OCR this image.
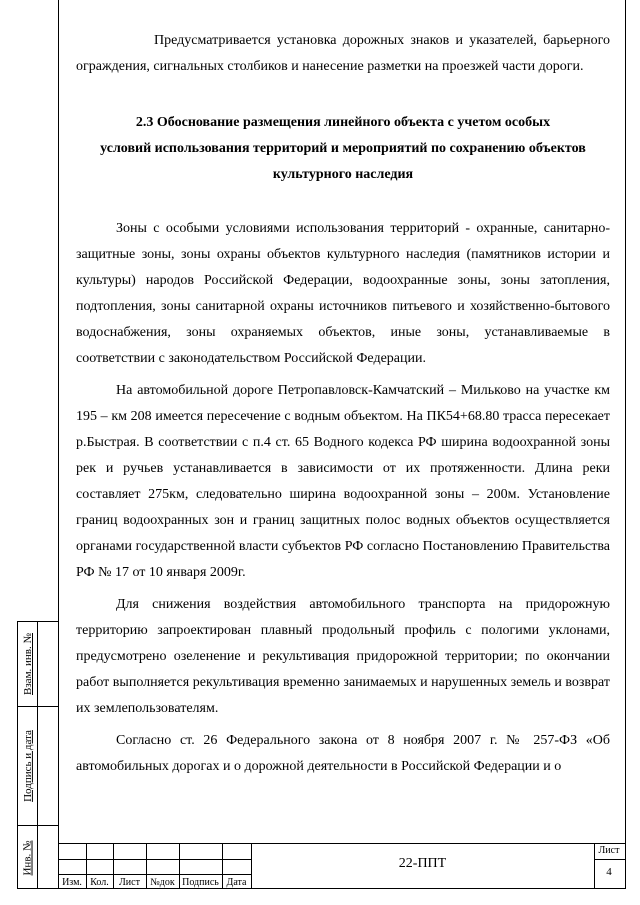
Предусматривается установка дорожных знаков и указателей, барьерного ограждения, сигнальных столбиков и нанесение разметки на проезжей части дороги.

2.3 Обоснование размещения линейного объекта с учетом особых
условий использования территорий и мероприятий по сохранению объектов
культурного наследия

Зоны с особыми условиями использования территорий - охранные, санитарно-защитные зоны, зоны охраны объектов культурного наследия (памятников истории и культуры) народов Российской Федерации, водоохранные зоны, зоны затопления, подтопления, зоны санитарной охраны источников питьевого и хозяйственно-бытового водоснабжения, зоны охраняемых объектов, иные зоны, устанавливаемые в соответствии с законодательством Российской Федерации.

На автомобильной дороге Петропавловск-Камчатский – Мильково на участке км 195 – км 208 имеется пересечение с водным объектом. На ПК54+68.80 трасса пересекает р.Быстрая. В соответствии с п.4 ст. 65 Водного кодекса РФ ширина водоохранной зоны рек и ручьев устанавливается в зависимости от их протяженности. Длина реки составляет 275км, следовательно ширина водоохранной зоны – 200м. Установление границ водоохранных зон и границ защитных полос водных объектов осуществляется органами государственной власти субъектов РФ согласно Постановлению Правительства РФ № 17 от 10 января 2009г.

Для снижения воздействия автомобильного транспорта на придорожную территорию запроектирован плавный продольный профиль с пологими уклонами, предусмотрено озеленение и рекультивация придорожной территории; по окончании работ выполняется рекультивация временно занимаемых и нарушенных земель и возврат их землепользователям.

Согласно ст. 26 Федерального закона от 8 ноября 2007 г. № 257-ФЗ «Об автомобильных дорогах и о дорожной деятельности в Российской Федерации и о

Взам. инв. №
Подпись и дата
Инв. №
Изм. Кол.	Лист	№док Подпись Дата
22-ППТ
Лист
4
